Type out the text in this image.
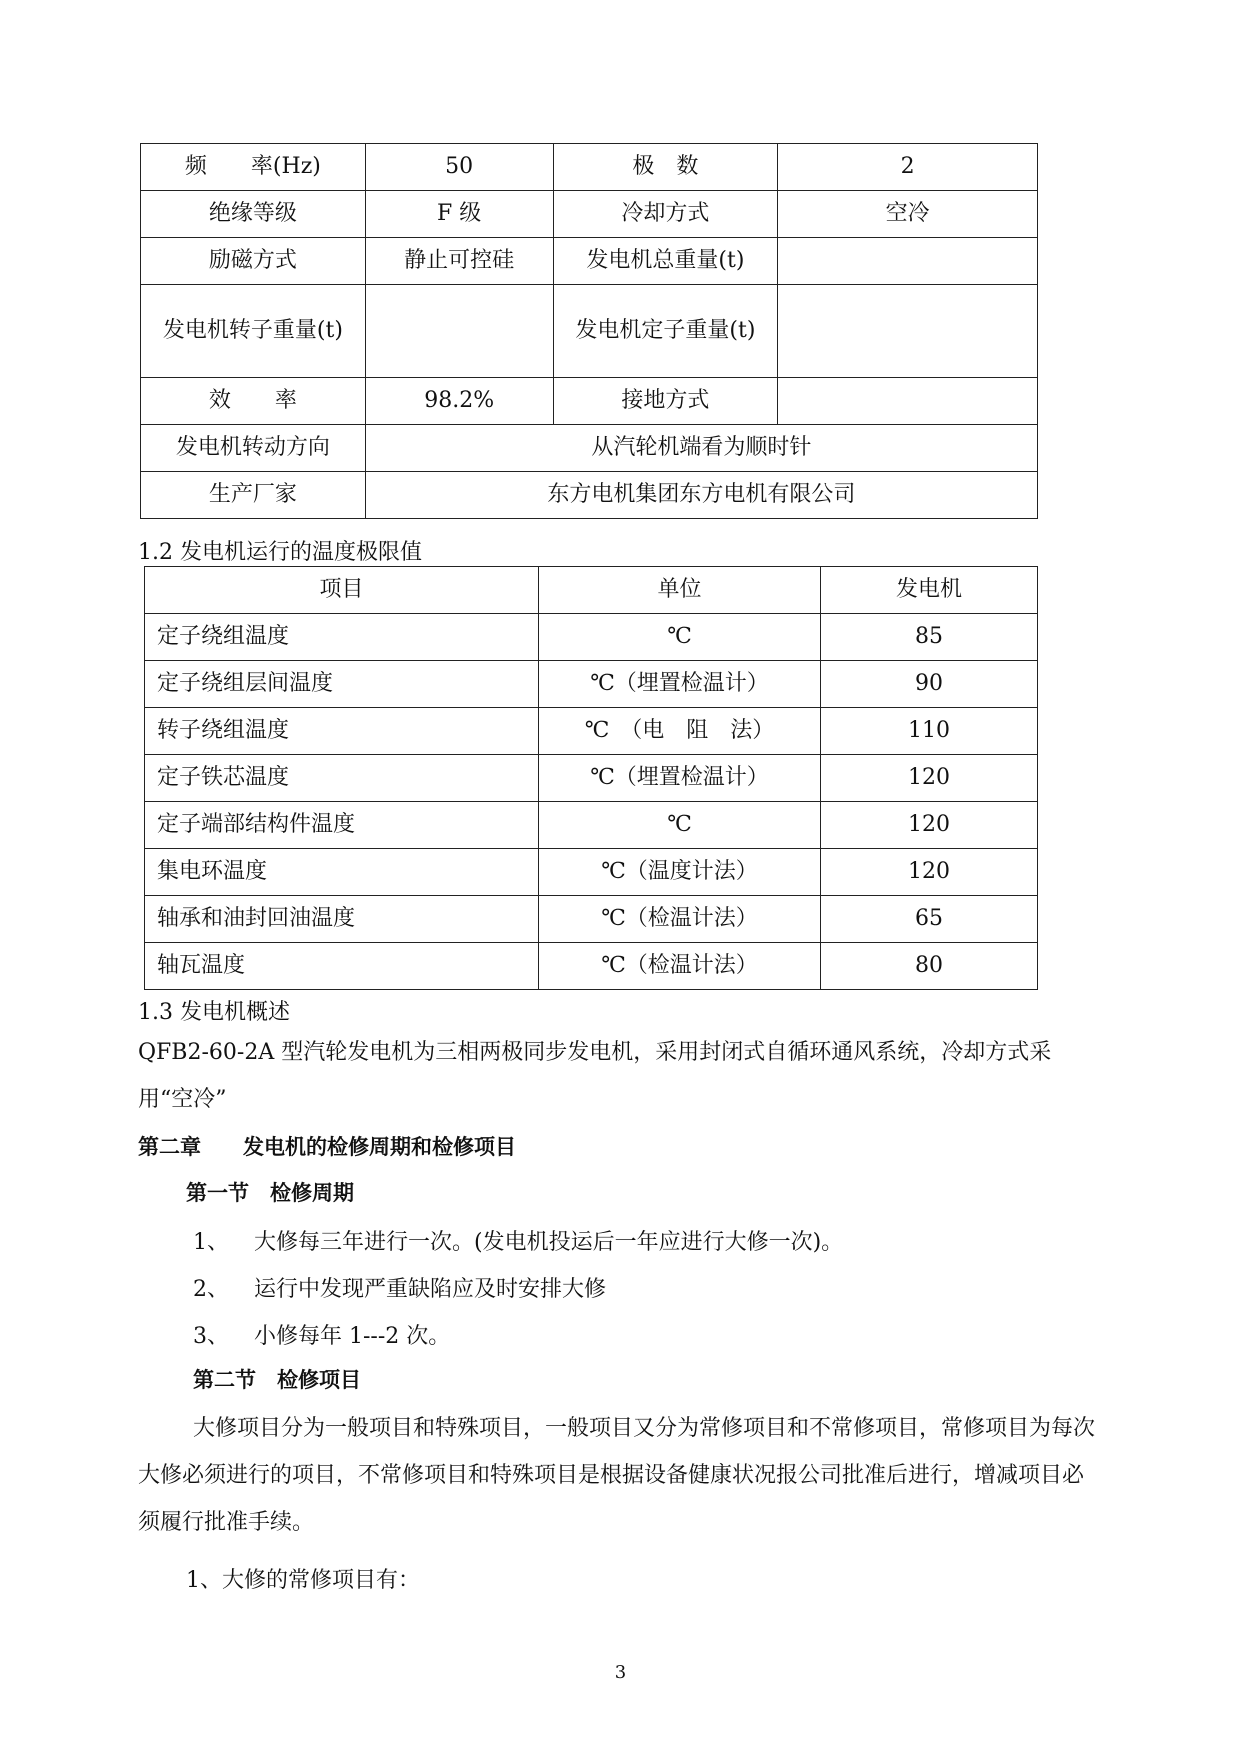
频　　率(Hz)	50	极　数	2
绝缘等级	F 级	冷却方式	空冷
励磁方式	静止可控硅	发电机总重量(t)	
发电机转子重量(t)		发电机定子重量(t)	
效　　率	98.2%	接地方式	
发电机转动方向	从汽轮机端看为顺时针		
生产厂家	东方电机集团东方电机有限公司		
1.2 发电机运行的温度极限值
项目	单位	发电机
定子绕组温度	℃	85
定子绕组层间温度	℃（埋置检温计）	90
转子绕组温度	℃　（电　阻　法）	110
定子铁芯温度	℃（埋置检温计）	120
定子端部结构件温度	℃	120
集电环温度	℃（温度计法）	120
轴承和油封回油温度	℃（检温计法）	65
轴瓦温度	℃（检温计法）	80
1.3 发电机概述
QFB2-60-2A 型汽轮发电机为三相两极同步发电机，采用封闭式自循环通风系统，冷却方式采用“空冷”
第二章　　发电机的检修周期和检修项目
第一节　检修周期
1、 大修每三年进行一次。(发电机投运后一年应进行大修一次)。
2、 运行中发现严重缺陷应及时安排大修
3、 小修每年 1---2 次。
第二节　检修项目
大修项目分为一般项目和特殊项目，一般项目又分为常修项目和不常修项目，常修项目为每次大修必须进行的项目，不常修项目和特殊项目是根据设备健康状况报公司批准后进行，增减项目必须履行批准手续。
1、大修的常修项目有：
3
